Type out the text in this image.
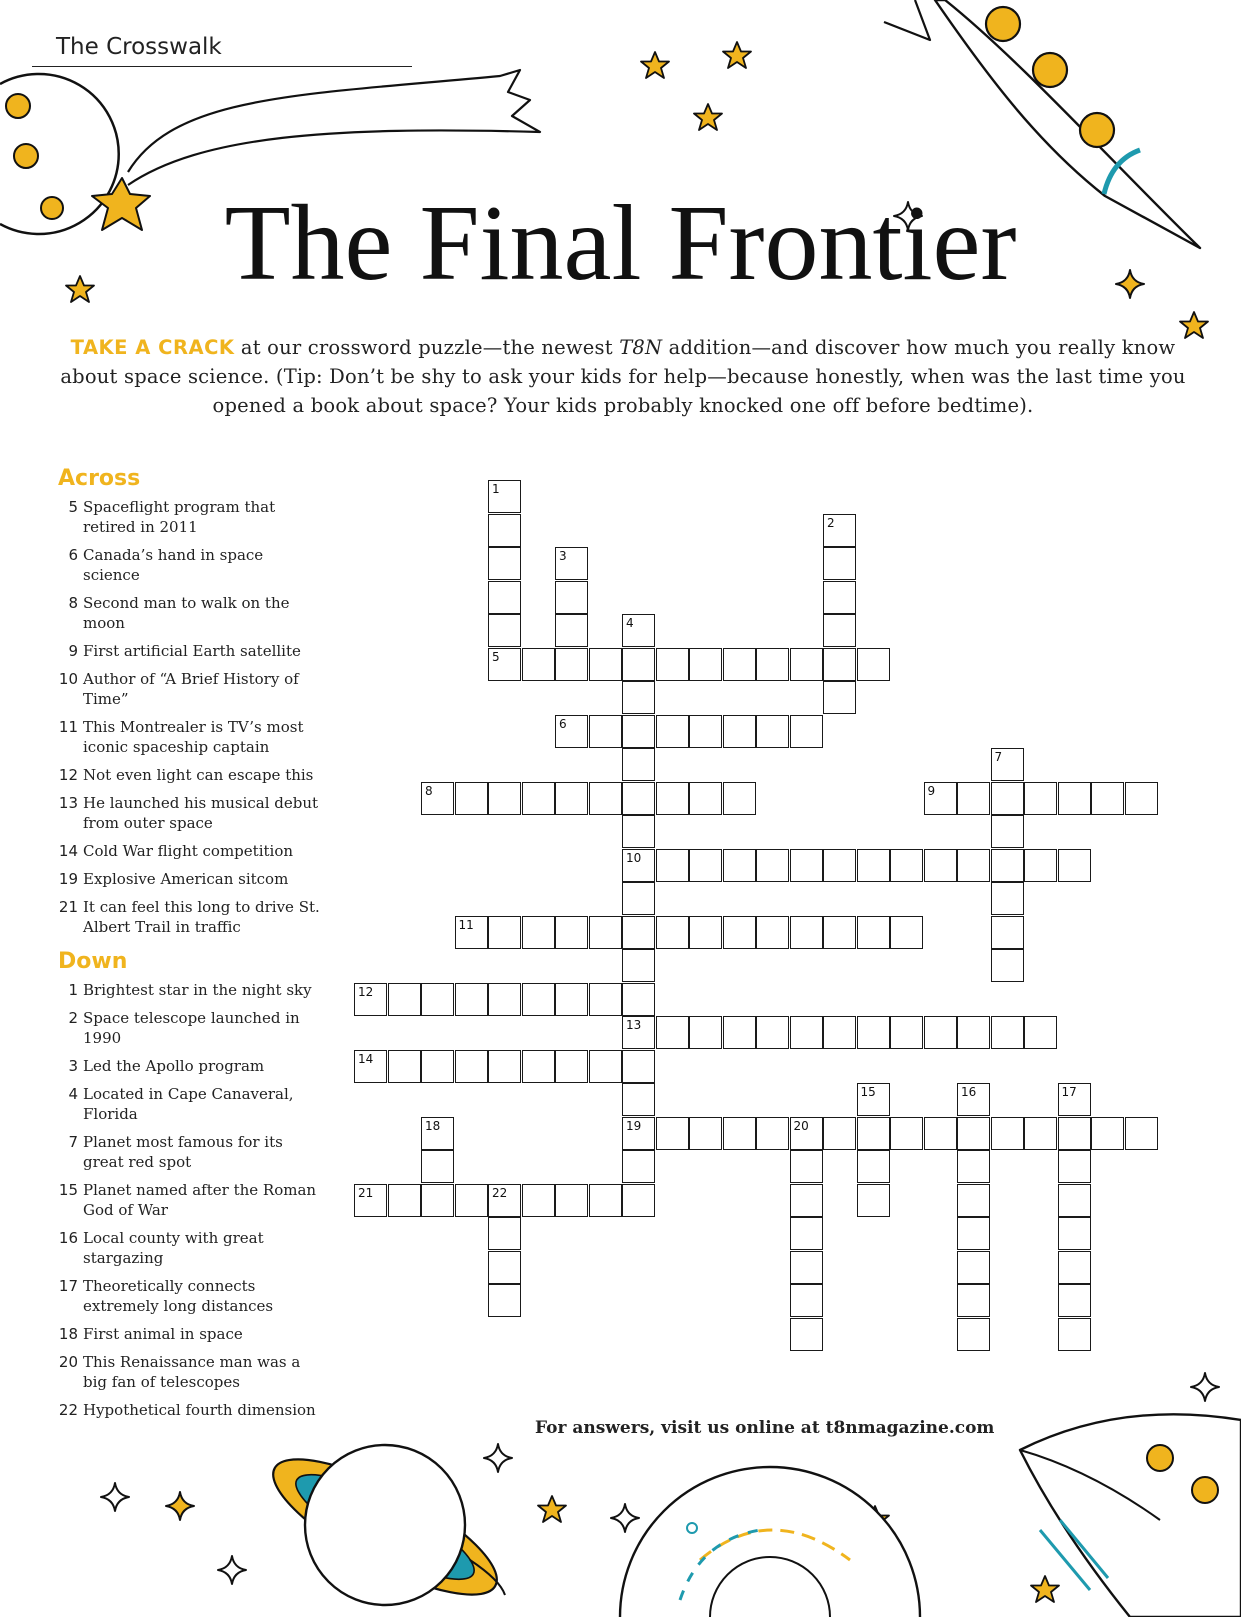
The Crosswalk
The Final Frontier
TAKE A CRACK at our crossword puzzle—the newest T8N addition—and discover how much you really know about space science. (Tip: Don’t be shy to ask your kids for help—because honestly, when was the last time you opened a book about space? Your kids probably knocked one off before bedtime).
Across
5 Spaceflight program that retired in 2011
6 Canada’s hand in space science
8 Second man to walk on the moon
9 First artificial Earth satellite
10 Author of “A Brief History of Time”
11 This Montrealer is TV’s most iconic spaceship captain
12 Not even light can escape this
13 He launched his musical debut from outer space
14 Cold War flight competition
19 Explosive American sitcom
21 It can feel this long to drive St. Albert Trail in traffic
Down
1 Brightest star in the night sky
2 Space telescope launched in 1990
3 Led the Apollo program
4 Located in Cape Canaveral, Florida
7 Planet most famous for its great red spot
15 Planet named after the Roman God of War
16 Local county with great stargazing
17 Theoretically connects extremely long distances
18 First animal in space
20 This Renaissance man was a big fan of telescopes
22 Hypothetical fourth dimension
1
2
3
4
5
6
7
8	9
10
11
12
13
14
15	16	17
18	19	20
21	22
For answers, visit us online at t8nmagazine.com
